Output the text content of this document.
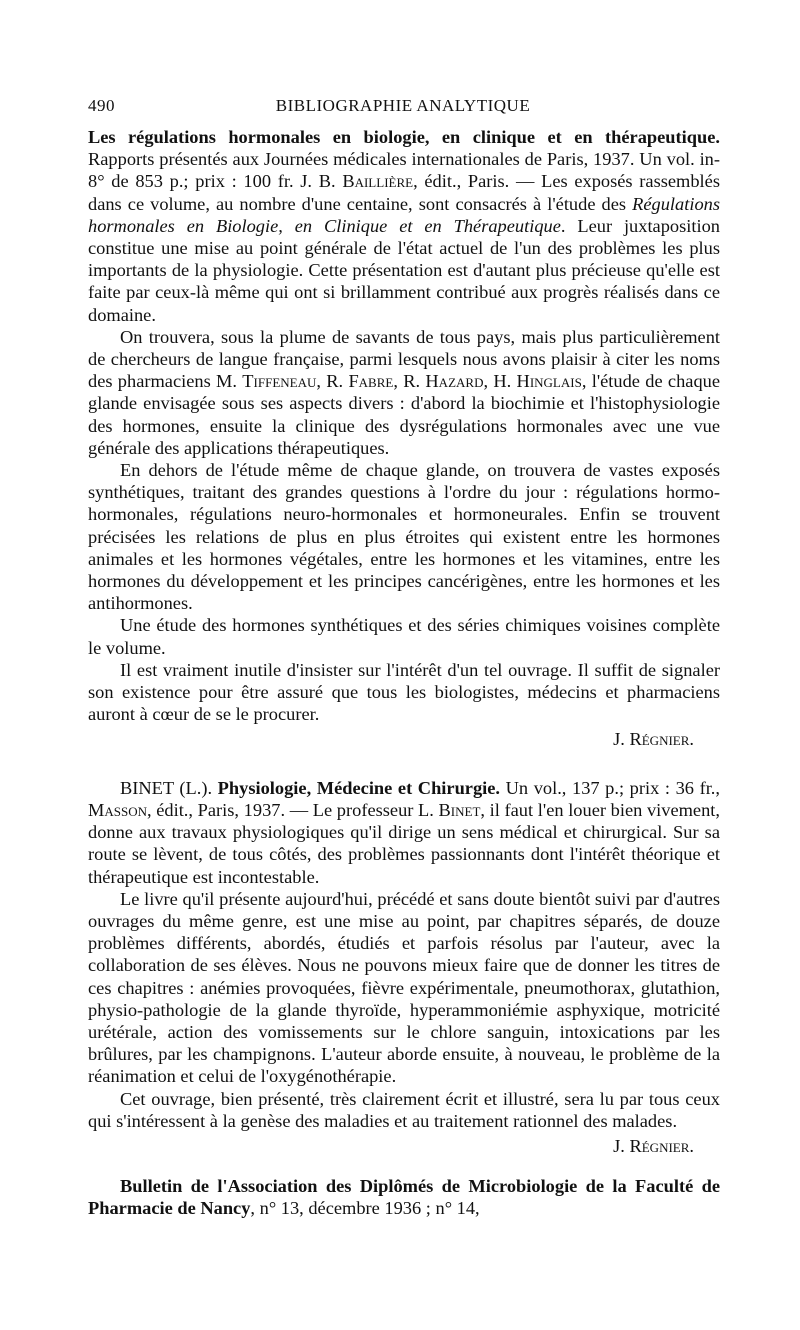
490	BIBLIOGRAPHIE ANALYTIQUE

Les régulations hormonales en biologie, en clinique et en thérapeutique. Rapports présentés aux Journées médicales internationales de Paris, 1937. Un vol. in-8° de 853 p.; prix : 100 fr. J. B. Baillière, édit., Paris. — Les exposés rassemblés dans ce volume, au nombre d'une centaine, sont consacrés à l'étude des Régulations hormonales en Biologie, en Clinique et en Thérapeutique. Leur juxtaposition constitue une mise au point générale de l'état actuel de l'un des problèmes les plus importants de la physiologie. Cette présentation est d'autant plus précieuse qu'elle est faite par ceux-là même qui ont si brillamment contribué aux progrès réalisés dans ce domaine.

On trouvera, sous la plume de savants de tous pays, mais plus particulièrement de chercheurs de langue française, parmi lesquels nous avons plaisir à citer les noms des pharmaciens M. Tiffeneau, R. Fabre, R. Hazard, H. Hinglais, l'étude de chaque glande envisagée sous ses aspects divers : d'abord la biochimie et l'histophysiologie des hormones, ensuite la clinique des dysrégulations hormonales avec une vue générale des applications thérapeutiques.

En dehors de l'étude même de chaque glande, on trouvera de vastes exposés synthétiques, traitant des grandes questions à l'ordre du jour : régulations hormo-hormonales, régulations neuro-hormonales et hormoneurales. Enfin se trouvent précisées les relations de plus en plus étroites qui existent entre les hormones animales et les hormones végétales, entre les hormones et les vitamines, entre les hormones du développement et les principes cancérigènes, entre les hormones et les antihormones.

Une étude des hormones synthétiques et des séries chimiques voisines complète le volume.

Il est vraiment inutile d'insister sur l'intérêt d'un tel ouvrage. Il suffit de signaler son existence pour être assuré que tous les biologistes, médecins et pharmaciens auront à cœur de se le procurer.

J. Régnier.

BINET (L.). Physiologie, Médecine et Chirurgie. Un vol., 137 p.; prix : 36 fr., Masson, édit., Paris, 1937. — Le professeur L. Binet, il faut l'en louer bien vivement, donne aux travaux physiologiques qu'il dirige un sens médical et chirurgical. Sur sa route se lèvent, de tous côtés, des problèmes passionnants dont l'intérêt théorique et thérapeutique est incontestable.

Le livre qu'il présente aujourd'hui, précédé et sans doute bientôt suivi par d'autres ouvrages du même genre, est une mise au point, par chapitres séparés, de douze problèmes différents, abordés, étudiés et parfois résolus par l'auteur, avec la collaboration de ses élèves. Nous ne pouvons mieux faire que de donner les titres de ces chapitres : anémies provoquées, fièvre expérimentale, pneumothorax, glutathion, physio-pathologie de la glande thyroïde, hyperammoniémie asphyxique, motricité urétérale, action des vomissements sur le chlore sanguin, intoxications par les brûlures, par les champignons. L'auteur aborde ensuite, à nouveau, le problème de la réanimation et celui de l'oxygénothérapie.

Cet ouvrage, bien présenté, très clairement écrit et illustré, sera lu par tous ceux qui s'intéressent à la genèse des maladies et au traitement rationnel des malades.

J. Régnier.

Bulletin de l'Association des Diplômés de Microbiologie de la Faculté de Pharmacie de Nancy, n° 13, décembre 1936 ; n° 14,
